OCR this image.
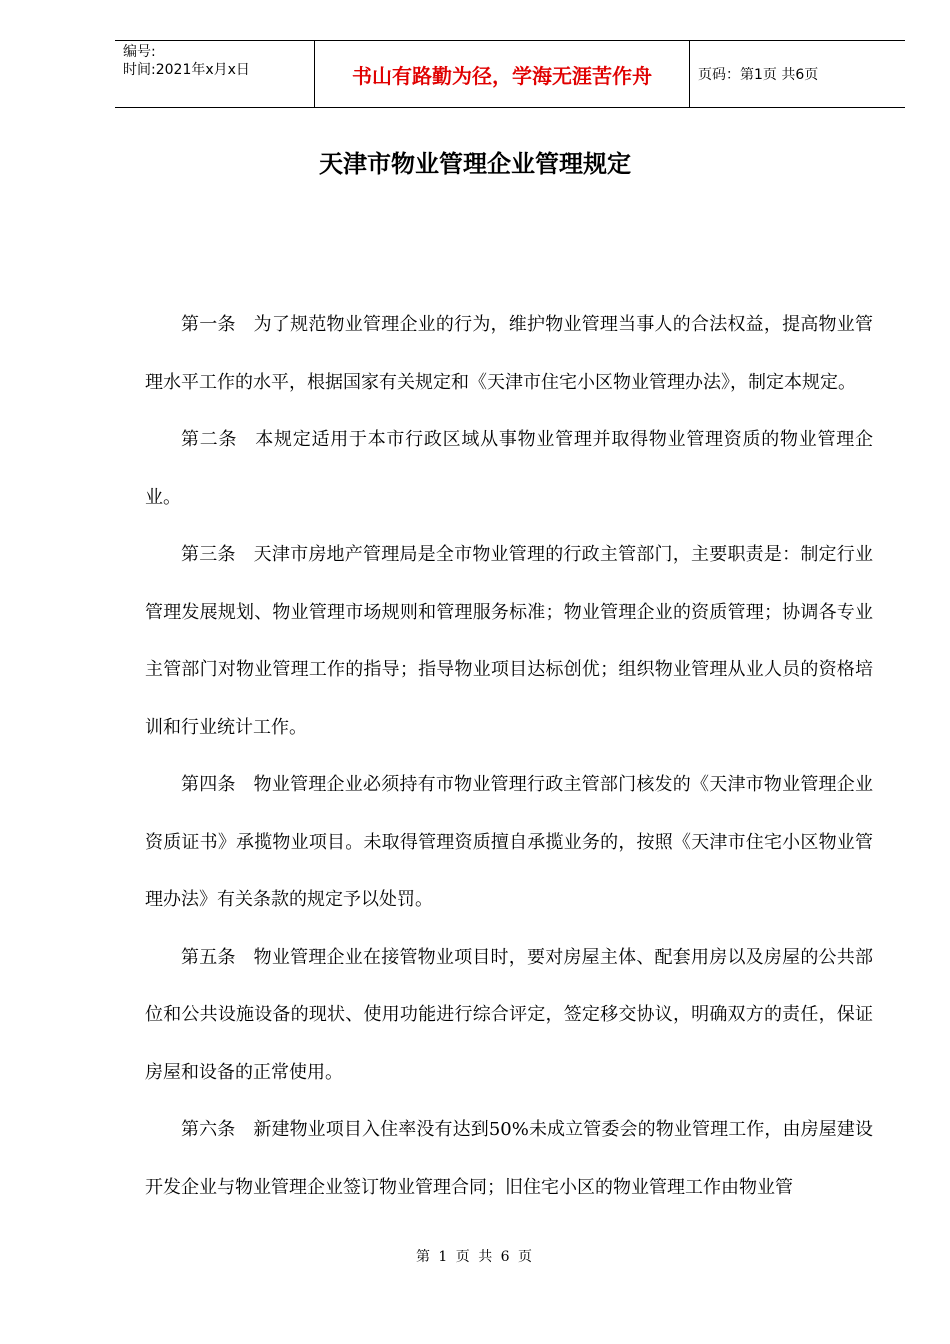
编号:
时间:2021年x月x日	书山有路勤为径，学海无涯苦作舟	页码：第1页 共6页
天津市物业管理企业管理规定

第一条 为了规范物业管理企业的行为，维护物业管理当事人的合法权益，提高物业管理水平工作的水平，根据国家有关规定和《天津市住宅小区物业管理办法》，制定本规定。

第二条 本规定适用于本市行政区域从事物业管理并取得物业管理资质的物业管理企业。

第三条 天津市房地产管理局是全市物业管理的行政主管部门，主要职责是：制定行业管理发展规划、物业管理市场规则和管理服务标准；物业管理企业的资质管理；协调各专业主管部门对物业管理工作的指导；指导物业项目达标创优；组织物业管理从业人员的资格培训和行业统计工作。

第四条 物业管理企业必须持有市物业管理行政主管部门核发的《天津市物业管理企业资质证书》承揽物业项目。未取得管理资质擅自承揽业务的，按照《天津市住宅小区物业管理办法》有关条款的规定予以处罚。

第五条 物业管理企业在接管物业项目时，要对房屋主体、配套用房以及房屋的公共部位和公共设施设备的现状、使用功能进行综合评定，签定移交协议，明确双方的责任，保证房屋和设备的正常使用。

第六条 新建物业项目入住率没有达到50%未成立管委会的物业管理工作，由房屋建设开发企业与物业管理企业签订物业管理合同；旧住宅小区的物业管理工作由物业管

第 1 页 共 6 页
